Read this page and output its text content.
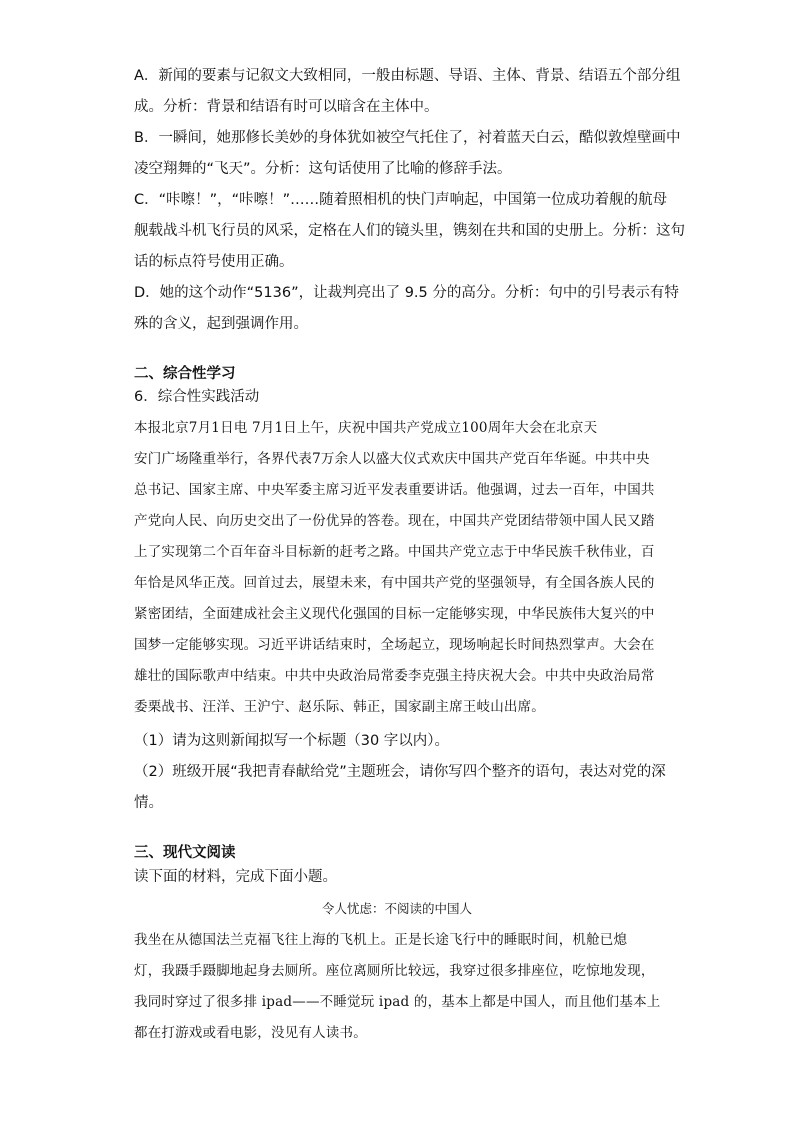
A．新闻的要素与记叙文大致相同，一般由标题、导语、主体、背景、结语五个部分组
成。分析：背景和结语有时可以暗含在主体中。
B．一瞬间，她那修长美妙的身体犹如被空气托住了，衬着蓝天白云，酷似敦煌壁画中
凌空翔舞的“飞天”。分析：这句话使用了比喻的修辞手法。
C．“咔嚓！”，“咔嚓！”……随着照相机的快门声响起，中国第一位成功着舰的航母
舰载战斗机飞行员的风采，定格在人们的镜头里，镌刻在共和国的史册上。分析：这句
话的标点符号使用正确。
D．她的这个动作“5136”，让裁判亮出了 9.5 分的高分。分析：句中的引号表示有特
殊的含义，起到强调作用。
二、综合性学习
6．综合性实践活动
本报北京7月1日电 7月1日上午，庆祝中国共产党成立100周年大会在北京天
安门广场隆重举行，各界代表7万余人以盛大仪式欢庆中国共产党百年华诞。中共中央
总书记、国家主席、中央军委主席习近平发表重要讲话。他强调，过去一百年，中国共
产党向人民、向历史交出了一份优异的答卷。现在，中国共产党团结带领中国人民又踏
上了实现第二个百年奋斗目标新的赶考之路。中国共产党立志于中华民族千秋伟业，百
年恰是风华正茂。回首过去，展望未来，有中国共产党的坚强领导，有全国各族人民的
紧密团结，全面建成社会主义现代化强国的目标一定能够实现，中华民族伟大复兴的中
国梦一定能够实现。习近平讲话结束时，全场起立，现场响起长时间热烈掌声。大会在
雄壮的国际歌声中结束。中共中央政治局常委李克强主持庆祝大会。中共中央政治局常
委栗战书、汪洋、王沪宁、赵乐际、韩正，国家副主席王岐山出席。
（1）请为这则新闻拟写一个标题（30 字以内）。
（2）班级开展“我把青春献给党”主题班会，请你写四个整齐的语句，表达对党的深
情。
三、现代文阅读
读下面的材料，完成下面小题。
令人忧虑：不阅读的中国人
我坐在从德国法兰克福飞往上海的飞机上。正是长途飞行中的睡眠时间，机舱已熄
灯，我蹑手蹑脚地起身去厕所。座位离厕所比较远，我穿过很多排座位，吃惊地发现，
我同时穿过了很多排 ipad——不睡觉玩 ipad 的，基本上都是中国人，而且他们基本上
都在打游戏或看电影，没见有人读书。
